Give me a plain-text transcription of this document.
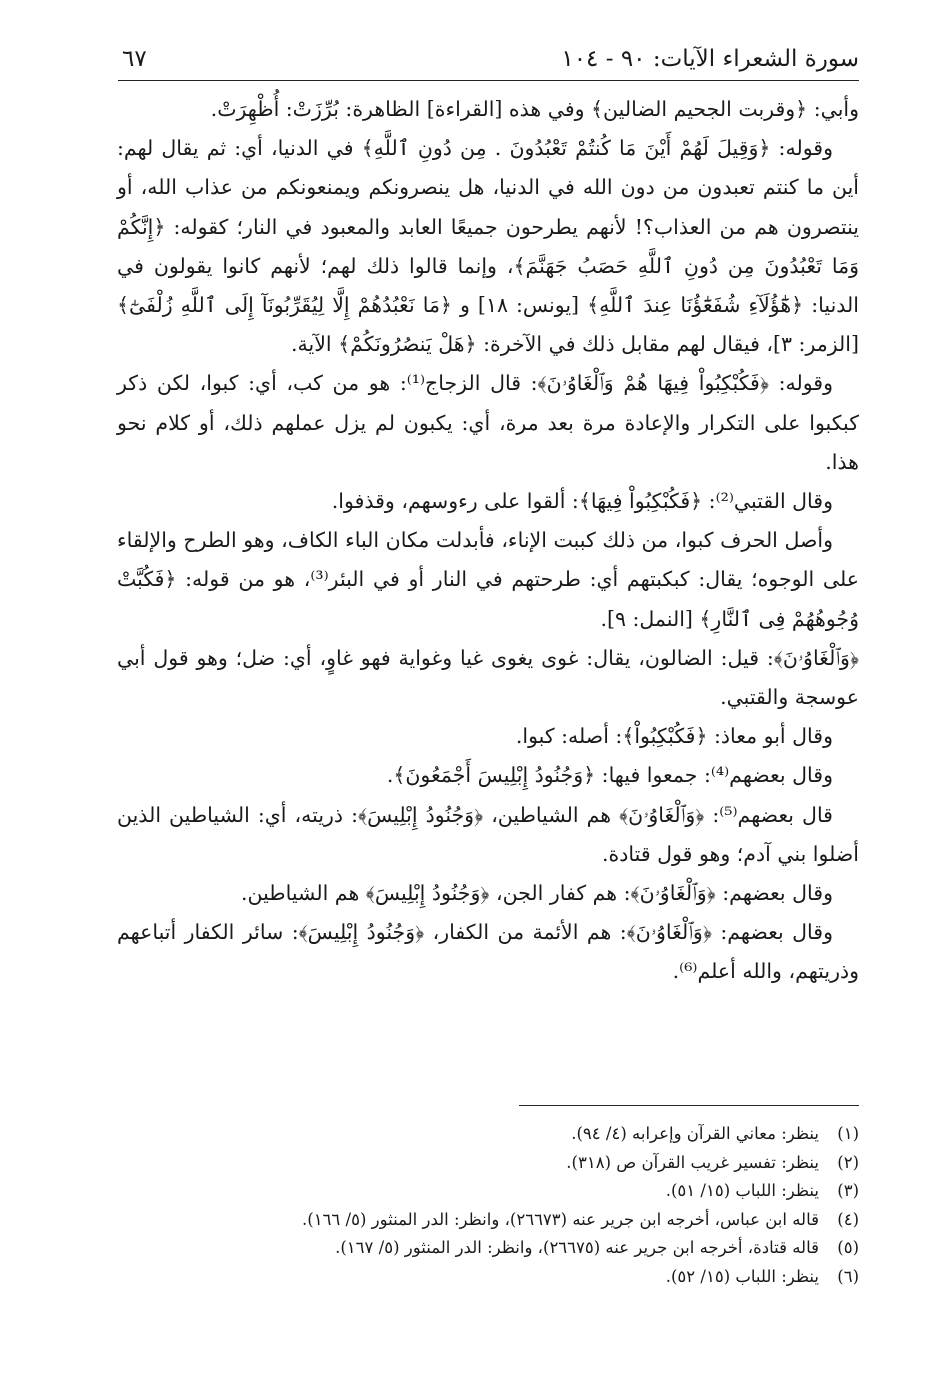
سورة الشعراء الآيات: ٩٠ - ١٠٤
٦٧

وأبي: ﴿وقربت الجحيم الضالين﴾ وفي هذه [القراءة] الظاهرة: بُرِّزَتْ: أُظْهِرَتْ.

وقوله: ﴿وَقِيلَ لَهُمْ أَيْنَ مَا كُنتُمْ تَعْبُدُونَ . مِن دُونِ ٱللَّهِ﴾ في الدنيا، أي: ثم يقال لهم: أين ما كنتم تعبدون من دون الله في الدنيا، هل ينصرونكم ويمنعونكم من عذاب الله، أو ينتصرون هم من العذاب؟! لأنهم يطرحون جميعًا العابد والمعبود في النار؛ كقوله: ﴿إِنَّكُمْ وَمَا تَعْبُدُونَ مِن دُونِ ٱللَّهِ حَصَبُ جَهَنَّمَ﴾، وإنما قالوا ذلك لهم؛ لأنهم كانوا يقولون في الدنيا: ﴿هَٰٓؤُلَآءِ شُفَعَٰٓؤُنَا عِندَ ٱللَّهِ﴾ [يونس: ١٨] و ﴿مَا نَعْبُدُهُمْ إِلَّا لِيُقَرِّبُونَآ إِلَى ٱللَّهِ زُلْفَىٰٓ﴾ [الزمر: ٣]، فيقال لهم مقابل ذلك في الآخرة: ﴿هَلْ يَنصُرُونَكُمْ﴾ الآية.

وقوله: ﴿فَكُبْكِبُواْ فِيهَا هُمْ وَٱلْغَاوُۥنَ﴾: قال الزجاج⁽¹⁾: هو من كب، أي: كبوا، لكن ذكر كبكبوا على التكرار والإعادة مرة بعد مرة، أي: يكبون لم يزل عملهم ذلك، أو كلام نحو هذا.

وقال القتبي⁽²⁾: ﴿فَكُبْكِبُواْ فِيهَا﴾: ألقوا على رءوسهم، وقذفوا.

وأصل الحرف كبوا، من ذلك كببت الإناء، فأبدلت مكان الباء الكاف، وهو الطرح والإلقاء على الوجوه؛ يقال: كبكبتهم أي: طرحتهم في النار أو في البئر⁽³⁾، هو من قوله: ﴿فَكُبَّتْ وُجُوهُهُمْ فِى ٱلنَّارِ﴾ [النمل: ٩].

﴿وَٱلْغَاوُۥنَ﴾: قيل: الضالون، يقال: غوى يغوى غيا وغواية فهو غاوٍ، أي: ضل؛ وهو قول أبي عوسجة والقتبي.

وقال أبو معاذ: ﴿فَكُبْكِبُواْ﴾: أصله: كبوا.

وقال بعضهم⁽⁴⁾: جمعوا فيها: ﴿وَجُنُودُ إِبْلِيسَ أَجْمَعُونَ﴾.

قال بعضهم⁽⁵⁾: ﴿وَٱلْغَاوُۥنَ﴾ هم الشياطين، ﴿وَجُنُودُ إِبْلِيسَ﴾: ذريته، أي: الشياطين الذين أضلوا بني آدم؛ وهو قول قتادة.

وقال بعضهم: ﴿وَٱلْغَاوُۥنَ﴾: هم كفار الجن، ﴿وَجُنُودُ إِبْلِيسَ﴾ هم الشياطين.

وقال بعضهم: ﴿وَٱلْغَاوُۥنَ﴾: هم الأئمة من الكفار، ﴿وَجُنُودُ إِبْلِيسَ﴾: سائر الكفار أتباعهم وذريتهم، والله أعلم⁽⁶⁾.

(١)
ينظر: معاني القرآن وإعرابه (٤/ ٩٤).
(٢)
ينظر: تفسير غريب القرآن ص (٣١٨).
(٣)
ينظر: اللباب (١٥/ ٥١).
(٤)
قاله ابن عباس، أخرجه ابن جرير عنه (٢٦٦٧٣)، وانظر: الدر المنثور (٥/ ١٦٦).
(٥)
قاله قتادة، أخرجه ابن جرير عنه (٢٦٦٧٥)، وانظر: الدر المنثور (٥/ ١٦٧).
(٦)
ينظر: اللباب (١٥/ ٥٢).
